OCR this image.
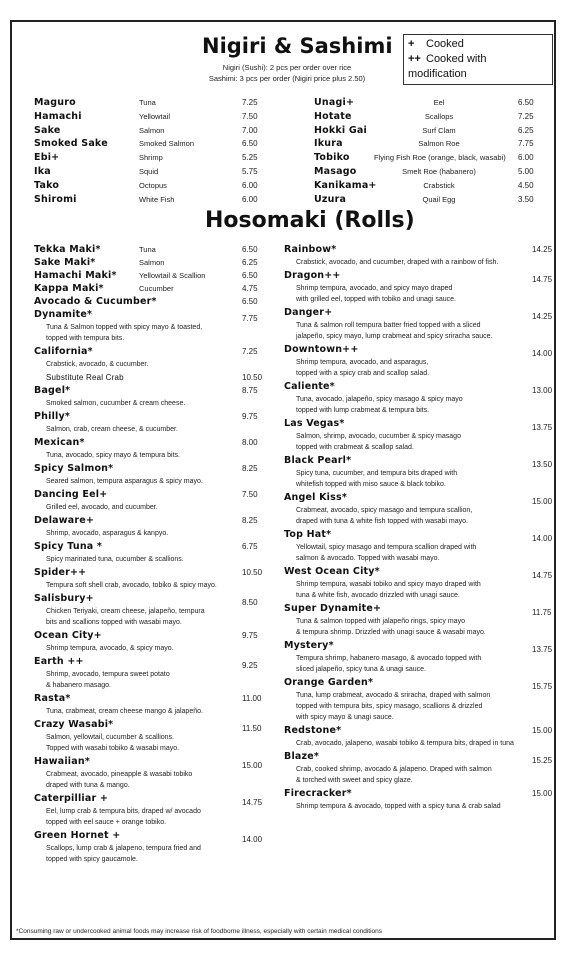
Nigiri & Sashimi + Cooked
++ Cooked with modification
Nigiri (Sushi): 2 pcs per order over rice
Sashimi: 3 pcs per order (Nigiri price plus 2.50)
Maguro	Tuna	7.25
Hamachi	Yellowtail	7.50
Sake	Salmon	7.00
Smoked Sake	Smoked Salmon	6.50
Ebi+	Shrimp	5.25
Ika	Squid	5.75
Tako	Octopus	6.00
Shiromi	White Fish	6.00
Unagi+	Eel	6.50
Hotate	Scallops	7.25
Hokki Gai	Surf Clam	6.25
Ikura	Salmon Roe	7.75
Tobiko	Flying Fish Roe (orange, black, wasabi) 6.00
Masago	Smelt Roe (habanero)	5.00
Kanikama+	Crabstick	4.50
Uzura	Quail Egg	3.50
Hosomaki (Rolls)
Tekka Maki*	Tuna	6.50
Sake Maki*	Salmon	6.25
Hamachi Maki*	Yellowtail & Scallion	6.50
Kappa Maki*	Cucumber	4.75
Avocado & Cucumber*	6.50
Dynamite*	7.75
Tuna & Salmon topped with spicy mayo & toasted,
topped with tempura bits.
California*	7.25
Crabstick, avocado, & cucumber.
Substitute Real Crab	10.50
Bagel*	8.75
Smoked salmon, cucumber & cream cheese.
Philly*	9.75
Salmon, crab, cream cheese, & cucumber.
Mexican*	8.00
Tuna, avocado, spicy mayo & tempura bits.
Spicy Salmon*	8.25
Seared salmon, tempura asparagus & spicy mayo.
Dancing Eel+	7.50
Grilled eel, avocado, and cucumber.
Delaware+	8.25
Shrimp, avocado, asparagus & kanpyo.
Spicy Tuna *	6.75
Spicy marinated tuna, cucumber & scallions.
Spider++	10.50
Tempura soft shell crab, avocado, tobiko & spicy mayo.
Salisbury+	8.50
Chicken Teriyaki, cream cheese, jalapeño, tempura
bits and scallions topped with wasabi mayo.
Ocean City+	9.75
Shrimp tempura, avocado, & spicy mayo.
Earth ++	9.25
Shrimp, avocado, tempura sweet potato
& habanero masago.
Rasta*	11.00
Tuna, crabmeat, cream cheese mango & jalapeño.
Crazy Wasabi*	11.50
Salmon, yellowtail, cucumber & scallions.
Topped with wasabi tobiko & wasabi mayo.
Hawaiian*	15.00
Crabmeat, avocado, pineapple & wasabi tobiko
draped with tuna & mango.
Caterpilliar +	14.75
Eel, lump crab & tempura bits, draped w/ avocado
topped with eel sauce + orange tobiko.
Green Hornet +	14.00
Scallops, lump crab & jalapeno, tempura fried and
topped with spicy gaucamole.
Rainbow*	14.25
Crabstick, avocado, and cucumber, draped with a rainbow of fish.
Dragon++	14.75
Shrimp tempura, avocado, and spicy mayo draped
with grilled eel, topped with tobiko and unagi sauce.
Danger+	14.25
Tuna & salmon roll tempura batter fried topped with a sliced
jalapeño, spicy mayo, lump crabmeat and spicy sriracha sauce.
Downtown++	14.00
Shrimp tempura, avocado, and asparagus,
topped with a spicy crab and scallop salad.
Caliente*	13.00
Tuna, avocado, jalapeño, spicy masago & spicy mayo
topped with lump crabmeat & tempura bits.
Las Vegas*	13.75
Salmon, shrimp, avocado, cucumber & spicy masago
topped with crabmeat & scallop salad.
Black Pearl*	13.50
Spicy tuna, cucumber, and tempura bits draped with
whitefish topped with miso sauce & black tobiko.
Angel Kiss*	15.00
Crabmeat, avocado, spicy masago and tempura scallion,
draped with tuna & white fish topped with wasabi mayo.
Top Hat*	14.00
Yellowtail, spicy masago and tempura scallion draped with
salmon & avocado. Topped with wasabi mayo.
West Ocean City*	14.75
Shrimp tempura, wasabi tobiko and spicy mayo draped with
tuna & white fish, avocado drizzled with unagi sauce.
Super Dynamite+	11.75
Tuna & salmon topped with jalapeño rings, spicy mayo
& tempura shrimp. Drizzled with unagi sauce & wasabi mayo.
Mystery*	13.75
Tempura shrimp, habanero masago, & avocado topped with
sliced jalapeño, spicy tuna & unagi sauce.
Orange Garden*	15.75
Tuna, lump crabmeat, avocado & sriracha, draped with salmon
topped with tempura bits, spicy masago, scallions & drizzled
with spicy mayo & unagi sauce.
Redstone*	15.00
Crab, avocado, jalapeno, wasabi tobiko & tempura bits, draped in tuna
Blaze*	15.25
Crab, cooked shrimp, avocado & jalapeno. Draped with salmon
& torched with sweet and spicy glaze.
Firecracker*	15.00
Shrimp tempura & avocado, topped with a spicy tuna & crab salad
*Consuming raw or undercooked animal foods may increase risk of foodborne illness, especially with certain medical conditions
